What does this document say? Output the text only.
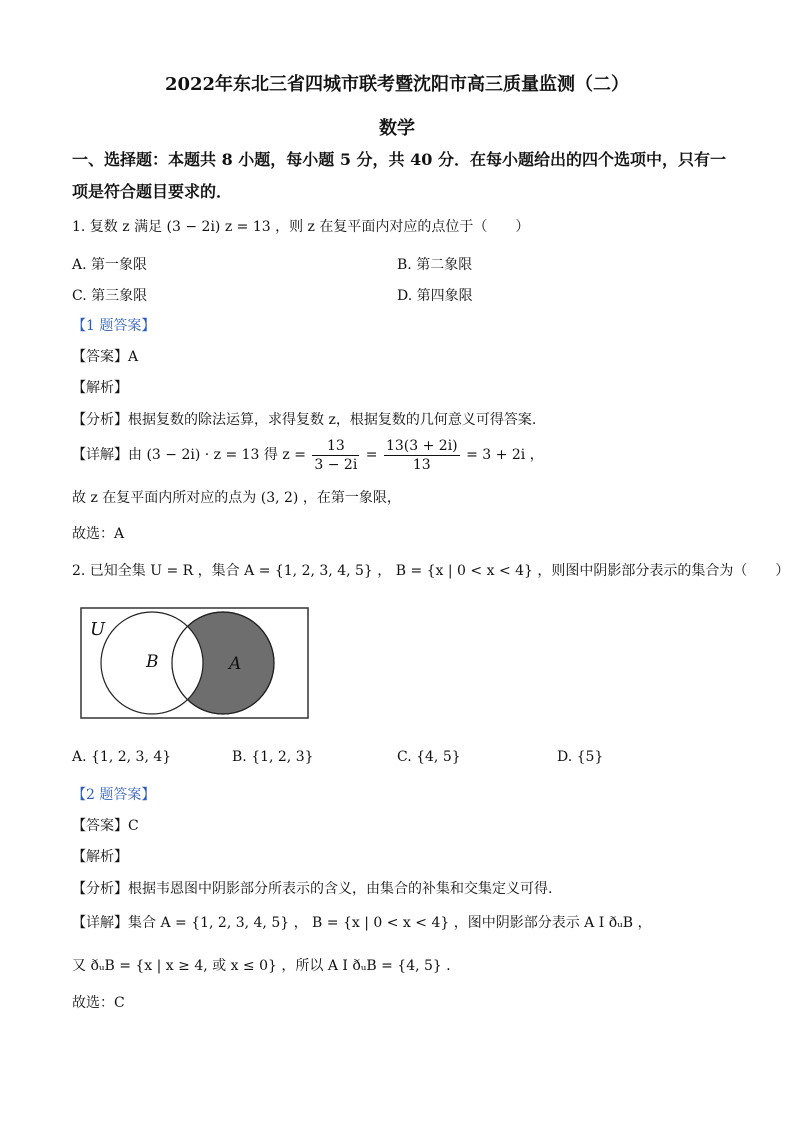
2022年东北三省四城市联考暨沈阳市高三质量监测（二）
数学
一、选择题：本题共 8 小题，每小题 5 分，共 40 分．在每小题给出的四个选项中，只有一
项是符合题目要求的．
1. 复数 z 满足 (3 − 2i) z = 13 ，则 z 在复平面内对应的点位于（　　）
A. 第一象限	B. 第二象限
C. 第三象限	D. 第四象限
【1 题答案】
【答案】A
【解析】
【分析】根据复数的除法运算，求得复数 z，根据复数的几何意义可得答案.
【详解】由 (3 − 2i) · z = 13 得 $z = \frac{13}{3 - 2i} = \frac{13(3 + 2i)}{13} = 3 + 2i$ ，
故 z 在复平面内所对应的点为 (3, 2) ，在第一象限，
故选：A
2. 已知全集 U = R ，集合 A = {1, 2, 3, 4, 5} ， B = {x | 0 < x < 4} ，则图中阴影部分表示的集合为（　　）
U
B	A
A. {1, 2, 3, 4}	B. {1, 2, 3}	C. {4, 5}	D. {5}
【2 题答案】
【答案】C
【解析】
【分析】根据韦恩图中阴影部分所表示的含义，由集合的补集和交集定义可得.
【详解】集合 A = {1, 2, 3, 4, 5} ， B = {x | 0 < x < 4} ，图中阴影部分表示 A I ðᵤB ，
又 ðᵤB = {x | x ≥ 4, 或 x ≤ 0} ，所以 A I ðᵤB = {4, 5} ．
故选：C
